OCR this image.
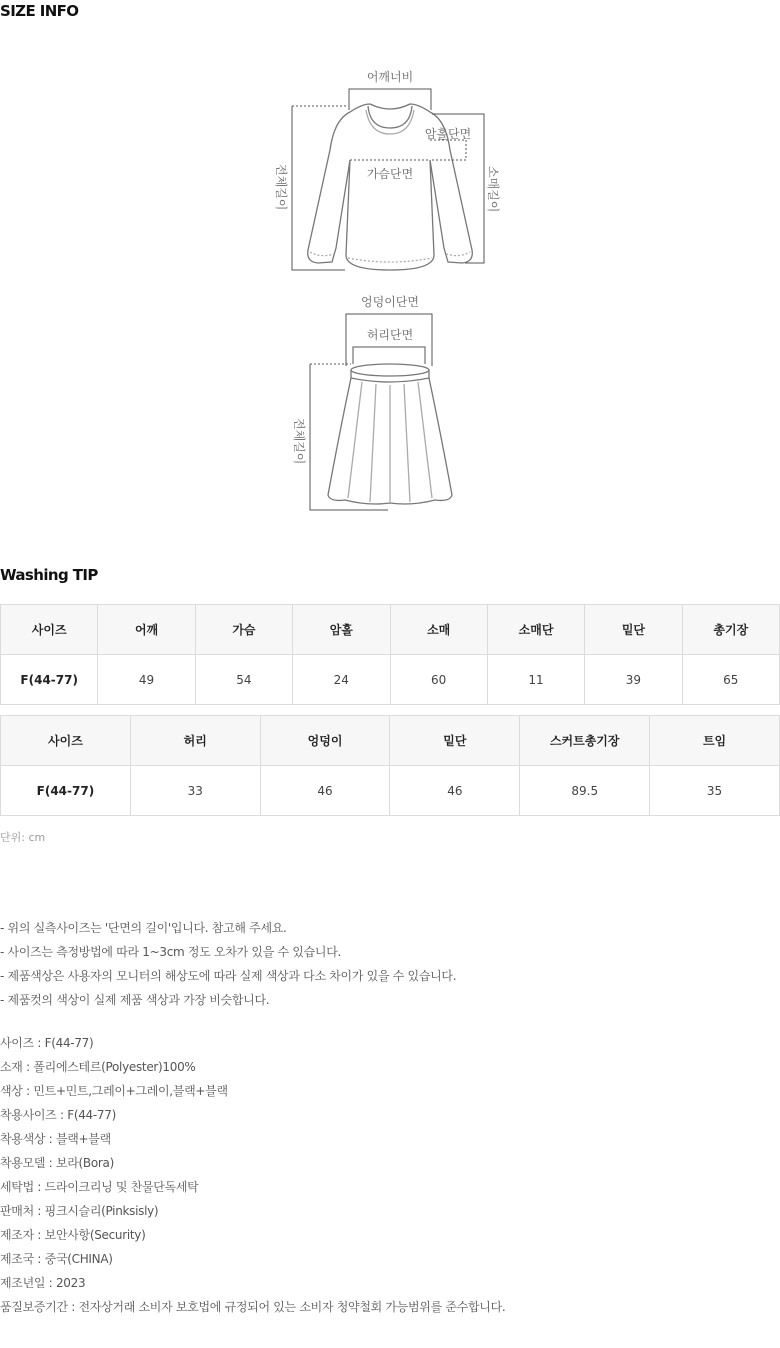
SIZE INFO
어깨너비
암홀단면
가슴단면
전체길이	소매길이
엉덩이단면
허리단면
전체길이
Washing TIP
사이즈	어깨	가슴	암홀	소매	소매단	밑단	총기장
F(44-77)	49	54	24	60	11	39	65
사이즈	허리	엉덩이	밑단	스커트총기장	트임
F(44-77)	33	46	46	89.5	35
단위: cm
- 위의 실측사이즈는 '단면의 길이'입니다. 참고해 주세요.
- 사이즈는 측정방법에 따라 1~3cm 정도 오차가 있을 수 있습니다.
- 제품색상은 사용자의 모니터의 해상도에 따라 실제 색상과 다소 차이가 있을 수 있습니다.
- 제품컷의 색상이 실제 제품 색상과 가장 비슷합니다.
사이즈 : F(44-77)
소재 : 폴리에스테르(Polyester)100%
색상 : 민트+민트,그레이+그레이,블랙+블랙
착용사이즈 : F(44-77)
착용색상 : 블랙+블랙
착용모델 : 보라(Bora)
세탁법 : 드라이크리닝 및 찬물단독세탁
판매처 : 핑크시슬리(Pinksisly)
제조자 : 보안사항(Security)
제조국 : 중국(CHINA)
제조년일 : 2023
품질보증기간 : 전자상거래 소비자 보호법에 규정되어 있는 소비자 청약철회 가능범위를 준수합니다.
